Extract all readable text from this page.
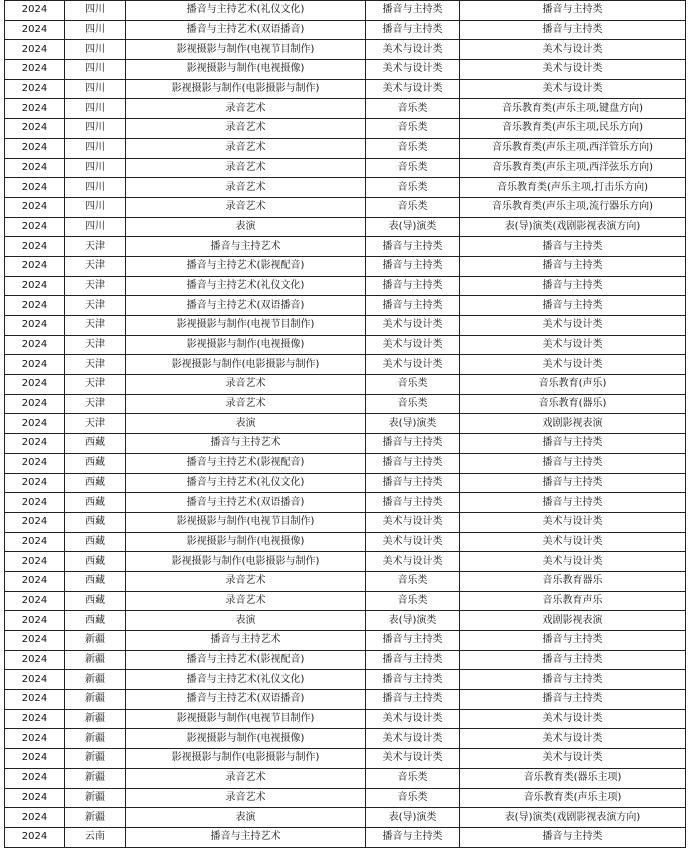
2024	四川	播音与主持艺术(礼仪文化)	播音与主持类	播音与主持类
2024	四川	播音与主持艺术(双语播音)	播音与主持类	播音与主持类
2024	四川	影视摄影与制作(电视节目制作)	美术与设计类	美术与设计类
2024	四川	影视摄影与制作(电视摄像)	美术与设计类	美术与设计类
2024	四川	影视摄影与制作(电影摄影与制作)	美术与设计类	美术与设计类
2024	四川	录音艺术	音乐类	音乐教育类(声乐主项,键盘方向)
2024	四川	录音艺术	音乐类	音乐教育类(声乐主项,民乐方向)
2024	四川	录音艺术	音乐类	音乐教育类(声乐主项,西洋管乐方向)
2024	四川	录音艺术	音乐类	音乐教育类(声乐主项,西洋弦乐方向)
2024	四川	录音艺术	音乐类	音乐教育类(声乐主项,打击乐方向)
2024	四川	录音艺术	音乐类	音乐教育类(声乐主项,流行器乐方向)
2024	四川	表演	表(导)演类	表(导)演类(戏剧影视表演方向)
2024	天津	播音与主持艺术	播音与主持类	播音与主持类
2024	天津	播音与主持艺术(影视配音)	播音与主持类	播音与主持类
2024	天津	播音与主持艺术(礼仪文化)	播音与主持类	播音与主持类
2024	天津	播音与主持艺术(双语播音)	播音与主持类	播音与主持类
2024	天津	影视摄影与制作(电视节目制作)	美术与设计类	美术与设计类
2024	天津	影视摄影与制作(电视摄像)	美术与设计类	美术与设计类
2024	天津	影视摄影与制作(电影摄影与制作)	美术与设计类	美术与设计类
2024	天津	录音艺术	音乐类	音乐教育(声乐)
2024	天津	录音艺术	音乐类	音乐教育(器乐)
2024	天津	表演	表(导)演类	戏剧影视表演
2024	西藏	播音与主持艺术	播音与主持类	播音与主持类
2024	西藏	播音与主持艺术(影视配音)	播音与主持类	播音与主持类
2024	西藏	播音与主持艺术(礼仪文化)	播音与主持类	播音与主持类
2024	西藏	播音与主持艺术(双语播音)	播音与主持类	播音与主持类
2024	西藏	影视摄影与制作(电视节目制作)	美术与设计类	美术与设计类
2024	西藏	影视摄影与制作(电视摄像)	美术与设计类	美术与设计类
2024	西藏	影视摄影与制作(电影摄影与制作)	美术与设计类	美术与设计类
2024	西藏	录音艺术	音乐类	音乐教育器乐
2024	西藏	录音艺术	音乐类	音乐教育声乐
2024	西藏	表演	表(导)演类	戏剧影视表演
2024	新疆	播音与主持艺术	播音与主持类	播音与主持类
2024	新疆	播音与主持艺术(影视配音)	播音与主持类	播音与主持类
2024	新疆	播音与主持艺术(礼仪文化)	播音与主持类	播音与主持类
2024	新疆	播音与主持艺术(双语播音)	播音与主持类	播音与主持类
2024	新疆	影视摄影与制作(电视节目制作)	美术与设计类	美术与设计类
2024	新疆	影视摄影与制作(电视摄像)	美术与设计类	美术与设计类
2024	新疆	影视摄影与制作(电影摄影与制作)	美术与设计类	美术与设计类
2024	新疆	录音艺术	音乐类	音乐教育类(器乐主项)
2024	新疆	录音艺术	音乐类	音乐教育类(声乐主项)
2024	新疆	表演	表(导)演类	表(导)演类(戏剧影视表演方向)
2024	云南	播音与主持艺术	播音与主持类	播音与主持类
